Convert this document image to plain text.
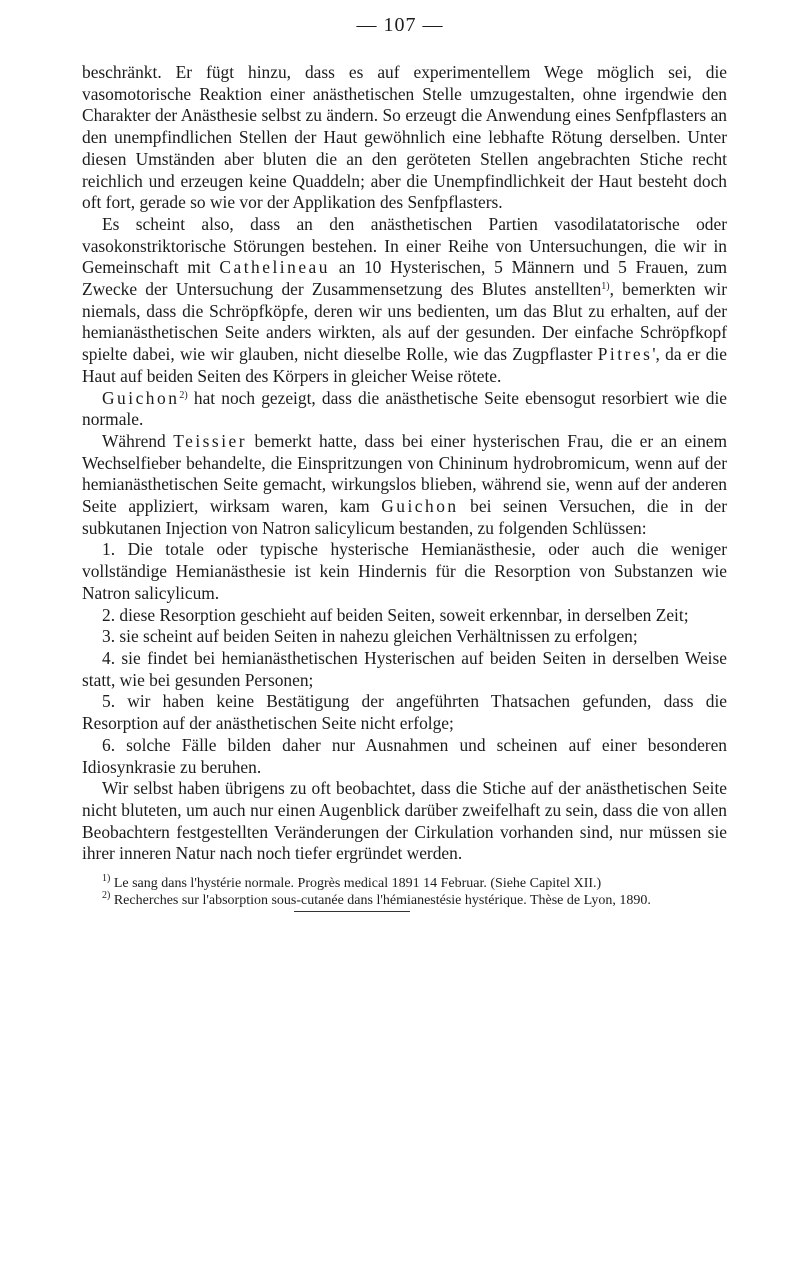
— 107 —

beschränkt. Er fügt hinzu, dass es auf experimentellem Wege möglich sei, die vasomotorische Reaktion einer anästhetischen Stelle umzugestalten, ohne irgendwie den Charakter der Anästhesie selbst zu ändern. So erzeugt die Anwendung eines Senfpflasters an den unempfindlichen Stellen der Haut gewöhnlich eine lebhafte Rötung derselben. Unter diesen Umständen aber bluten die an den geröteten Stellen angebrachten Stiche recht reichlich und erzeugen keine Quaddeln; aber die Unempfindlichkeit der Haut besteht doch oft fort, gerade so wie vor der Applikation des Senfpflasters.

Es scheint also, dass an den anästhetischen Partien vasodilatatorische oder vasokonstriktorische Störungen bestehen. In einer Reihe von Untersuchungen, die wir in Gemeinschaft mit Cathelineau an 10 Hysterischen, 5 Männern und 5 Frauen, zum Zwecke der Untersuchung der Zusammensetzung des Blutes anstellten$^{1)}$, bemerkten wir niemals, dass die Schröpfköpfe, deren wir uns bedienten, um das Blut zu erhalten, auf der hemianästhetischen Seite anders wirkten, als auf der gesunden. Der einfache Schröpfkopf spielte dabei, wie wir glauben, nicht dieselbe Rolle, wie das Zugpflaster Pitres', da er die Haut auf beiden Seiten des Körpers in gleicher Weise rötete.

Guichon$^{2)}$ hat noch gezeigt, dass die anästhetische Seite ebensogut resorbiert wie die normale.

Während Teissier bemerkt hatte, dass bei einer hysterischen Frau, die er an einem Wechselfieber behandelte, die Einspritzungen von Chininum hydrobromicum, wenn auf der hemianästhetischen Seite gemacht, wirkungslos blieben, während sie, wenn auf der anderen Seite appliziert, wirksam waren, kam Guichon bei seinen Versuchen, die in der subkutanen Injection von Natron salicylicum bestanden, zu folgenden Schlüssen:

1. Die totale oder typische hysterische Hemianästhesie, oder auch die weniger vollständige Hemianästhesie ist kein Hindernis für die Resorption von Substanzen wie Natron salicylicum.

2. diese Resorption geschieht auf beiden Seiten, soweit erkennbar, in derselben Zeit;

3. sie scheint auf beiden Seiten in nahezu gleichen Verhältnissen zu erfolgen;

4. sie findet bei hemianästhetischen Hysterischen auf beiden Seiten in derselben Weise statt, wie bei gesunden Personen;

5. wir haben keine Bestätigung der angeführten Thatsachen gefunden, dass die Resorption auf der anästhetischen Seite nicht erfolge;

6. solche Fälle bilden daher nur Ausnahmen und scheinen auf einer besonderen Idiosynkrasie zu beruhen.

Wir selbst haben übrigens zu oft beobachtet, dass die Stiche auf der anästhetischen Seite nicht bluteten, um auch nur einen Augenblick darüber zweifelhaft zu sein, dass die von allen Beobachtern festgestellten Veränderungen der Cirkulation vorhanden sind, nur müssen sie ihrer inneren Natur nach noch tiefer ergründet werden.

$^{1)}$ Le sang dans l'hystérie normale. Progrès medical 1891 14 Februar. (Siehe Capitel XII.)

$^{2)}$ Recherches sur l'absorption sous-cutanée dans l'hémianestésie hystérique. Thèse de Lyon, 1890.
